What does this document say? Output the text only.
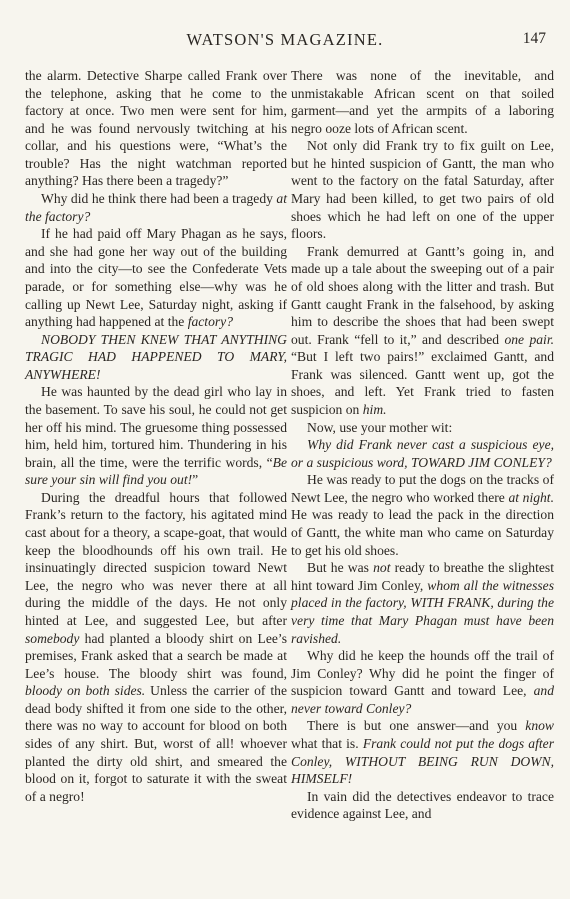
WATSON'S MAGAZINE.	147

the alarm. Detective Sharpe called Frank over the telephone, asking that he come to the factory at once. Two men were sent for him, and he was found nervously twitching at his collar, and his questions were, “What’s the trouble? Has the night watchman reported anything? Has there been a tragedy?”

Why did he think there had been a tragedy at the factory?

If he had paid off Mary Phagan as he says, and she had gone her way out of the building and into the city—to see the Confederate Vets parade, or for something else—why was he calling up Newt Lee, Saturday night, asking if anything had happened at the factory?

NOBODY THEN KNEW THAT ANYTHING TRAGIC HAD HAPPENED TO MARY, ANYWHERE!

He was haunted by the dead girl who lay in the basement. To save his soul, he could not get her off his mind. The gruesome thing possessed him, held him, tortured him. Thundering in his brain, all the time, were the terrific words, “Be sure your sin will find you out!”

During the dreadful hours that followed Frank’s return to the factory, his agitated mind cast about for a theory, a scape-goat, that would keep the bloodhounds off his own trail. He insinuatingly directed suspicion toward Newt Lee, the negro who was never there at all during the middle of the days. He not only hinted at Lee, and suggested Lee, but after somebody had planted a bloody shirt on Lee’s premises, Frank asked that a search be made at Lee’s house. The bloody shirt was found, bloody on both sides. Unless the carrier of the dead body shifted it from one side to the other, there was no way to account for blood on both sides of any shirt. But, worst of all! whoever planted the dirty old shirt, and smeared the blood on it, forgot to saturate it with the sweat of a negro!

There was none of the inevitable, and unmistakable African scent on that soiled garment—and yet the armpits of a laboring negro ooze lots of African scent.

Not only did Frank try to fix guilt on Lee, but he hinted suspicion of Gantt, the man who went to the factory on the fatal Saturday, after Mary had been killed, to get two pairs of old shoes which he had left on one of the upper floors.

Frank demurred at Gantt’s going in, and made up a tale about the sweeping out of a pair of old shoes along with the litter and trash. But Gantt caught Frank in the falsehood, by asking him to describe the shoes that had been swept out. Frank “fell to it,” and described one pair. “But I left two pairs!” exclaimed Gantt, and Frank was silenced. Gantt went up, got the shoes, and left. Yet Frank tried to fasten suspicion on him.

Now, use your mother wit:

Why did Frank never cast a suspicious eye, or a suspicious word, TOWARD JIM CONLEY?

He was ready to put the dogs on the tracks of Newt Lee, the negro who worked there at night. He was ready to lead the pack in the direction of Gantt, the white man who came on Saturday to get his old shoes.

But he was not ready to breathe the slightest hint toward Jim Conley, whom all the witnesses placed in the factory, WITH FRANK, during the very time that Mary Phagan must have been ravished.

Why did he keep the hounds off the trail of Jim Conley? Why did he point the finger of suspicion toward Gantt and toward Lee, and never toward Conley?

There is but one answer—and you know what that is. Frank could not put the dogs after Conley, WITHOUT BEING RUN DOWN, HIMSELF!

In vain did the detectives endeavor to trace evidence against Lee, and
